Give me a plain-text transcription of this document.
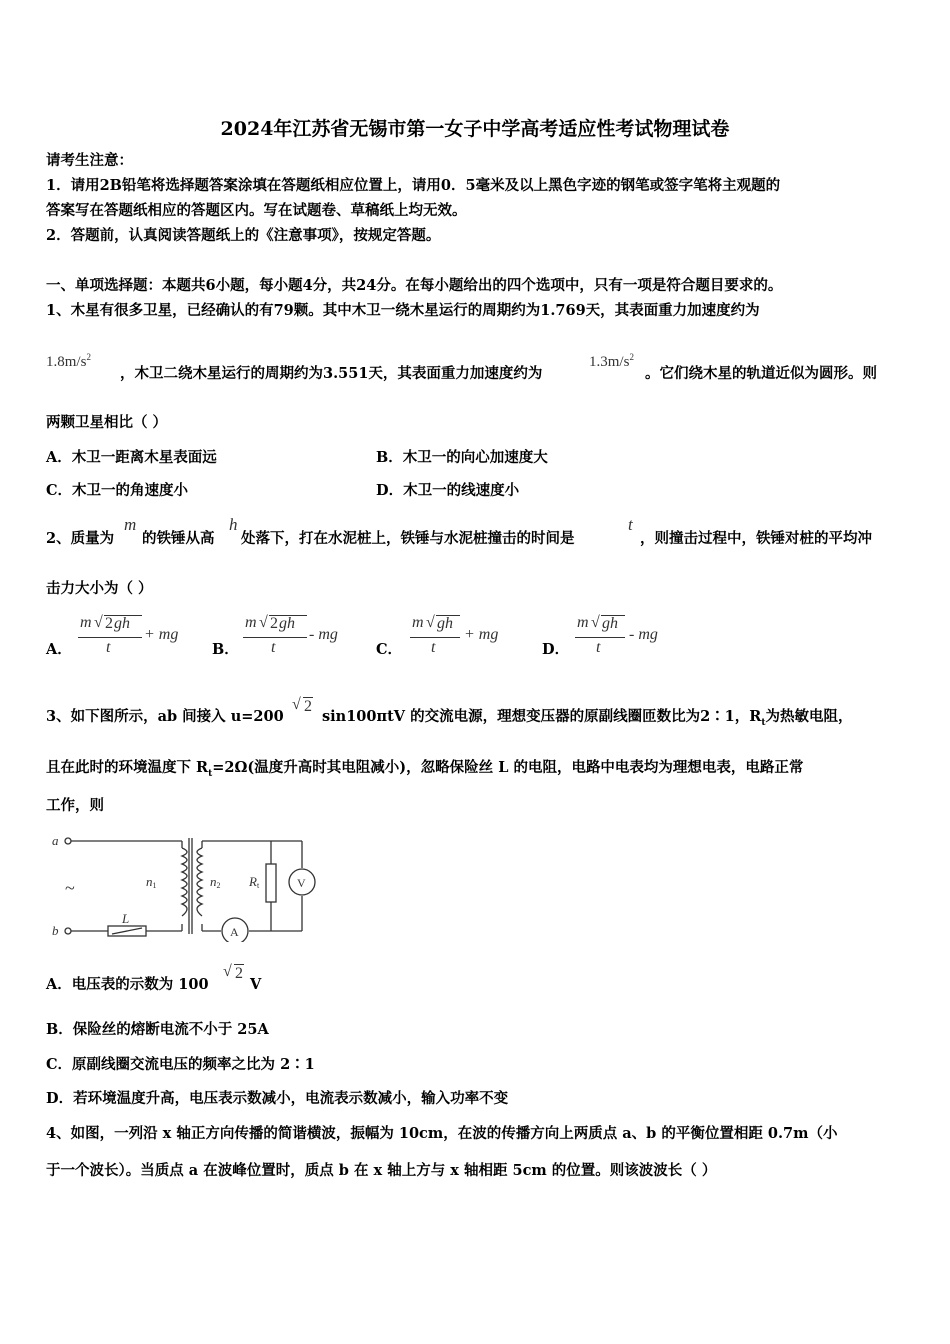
2024年江苏省无锡市第一女子中学高考适应性考试物理试卷
请考生注意：
1．请用2B铅笔将选择题答案涂填在答题纸相应位置上，请用0．5毫米及以上黑色字迹的钢笔或签字笔将主观题的
答案写在答题纸相应的答题区内。写在试题卷、草稿纸上均无效。
2．答题前，认真阅读答题纸上的《注意事项》，按规定答题。
一、单项选择题：本题共6小题，每小题4分，共24分。在每小题给出的四个选项中，只有一项是符合题目要求的。
1、木星有很多卫星，已经确认的有79颗。其中木卫一绕木星运行的周期约为1.769天，其表面重力加速度约为
$1.8m/s^2$
，木卫二绕木星运行的周期约为3.551天，其表面重力加速度约为
$1.3m/s^2$
。它们绕木星的轨道近似为圆形。则
两颗卫星相比（ ）
A．木卫一距离木星表面远	B．木卫一的向心加速度大
C．木卫一的角速度小	D．木卫一的线速度小
2、质量为
m
的铁锤从高
h
处落下，打在水泥桩上，铁锤与水泥桩撞击的时间是
t
，则撞击过程中，铁锤对桩的平均冲
击力大小为（ ）
A．
m √ 2 gh
t
+ mg
B．
m √ 2 gh
t
- mg
C．
m √ gh
t
+ mg
D．
m √ gh
t
- mg
3、如下图所示，ab 间接入 u=200
√ 2
sin100πtV 的交流电源，理想变压器的原副线圈匝数比为2∶1，$R_t$为热敏电阻，
且在此时的环境温度下 $R_t=2\Omega$(温度升高时其电阻减小)，忽略保险丝 L 的电阻，电路中电表均为理想电表，电路正常
工作，则
a
b
~	n1	n2 Rt
L
V
A
A．电压表的示数为 100
√ 2
V
B．保险丝的熔断电流不小于 25A
C．原副线圈交流电压的频率之比为 2∶1
D．若环境温度升高，电压表示数减小，电流表示数减小，输入功率不变
4、如图，一列沿 x 轴正方向传播的简谐横波，振幅为 10cm，在波的传播方向上两质点 a、b 的平衡位置相距 0.7m（小
于一个波长）。当质点 a 在波峰位置时，质点 b 在 x 轴上方与 x 轴相距 5cm 的位置。则该波波长（ ）
